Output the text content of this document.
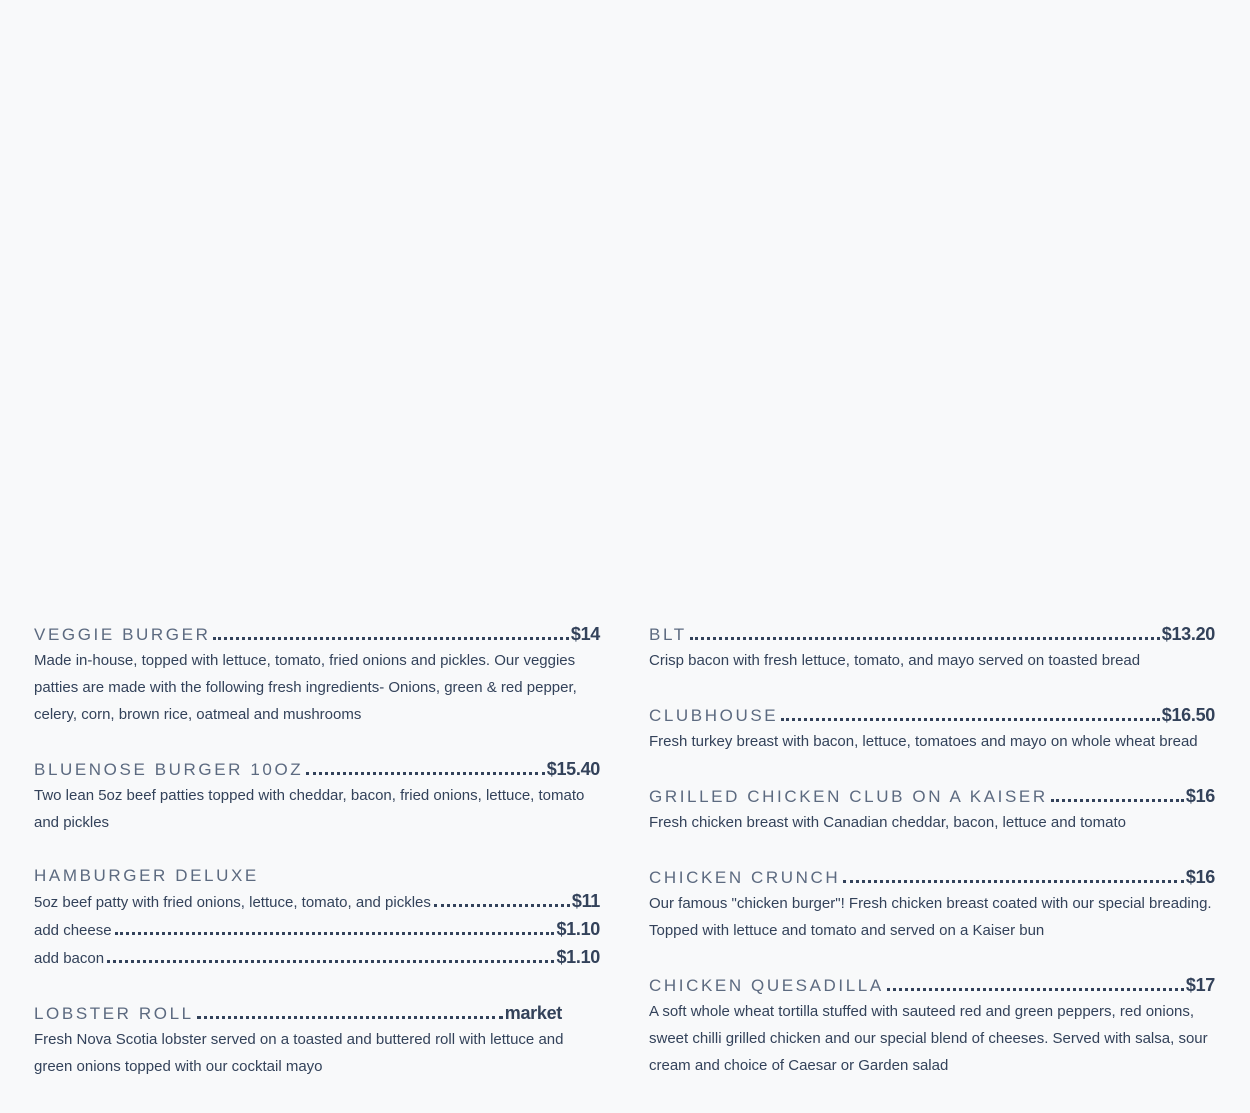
VEGGIE BURGER	$14

Made in-house, topped with lettuce, tomato, fried onions and pickles. Our veggies patties are made with the following fresh ingredients- Onions, green & red pepper, celery, corn, brown rice, oatmeal and mushrooms

BLUENOSE BURGER 10OZ	$15.40

Two lean 5oz beef patties topped with cheddar, bacon, fried onions, lettuce, tomato and pickles

HAMBURGER DELUXE
5oz beef patty with fried onions, lettuce, tomato, and pickles	$11
add cheese	$1.10
add bacon	$1.10
LOBSTER ROLL	market

Fresh Nova Scotia lobster served on a toasted and buttered roll with lettuce and green onions topped with our cocktail mayo

BLT	$13.20

Crisp bacon with fresh lettuce, tomato, and mayo served on toasted bread

CLUBHOUSE	$16.50

Fresh turkey breast with bacon, lettuce, tomatoes and mayo on whole wheat bread

GRILLED CHICKEN CLUB ON A KAISER	$16

Fresh chicken breast with Canadian cheddar, bacon, lettuce and tomato

CHICKEN CRUNCH	$16

Our famous "chicken burger"! Fresh chicken breast coated with our special breading. Topped with lettuce and tomato and served on a Kaiser bun

CHICKEN QUESADILLA	$17

A soft whole wheat tortilla stuffed with sauteed red and green peppers, red onions, sweet chilli grilled chicken and our special blend of cheeses. Served with salsa, sour cream and choice of Caesar or Garden salad
